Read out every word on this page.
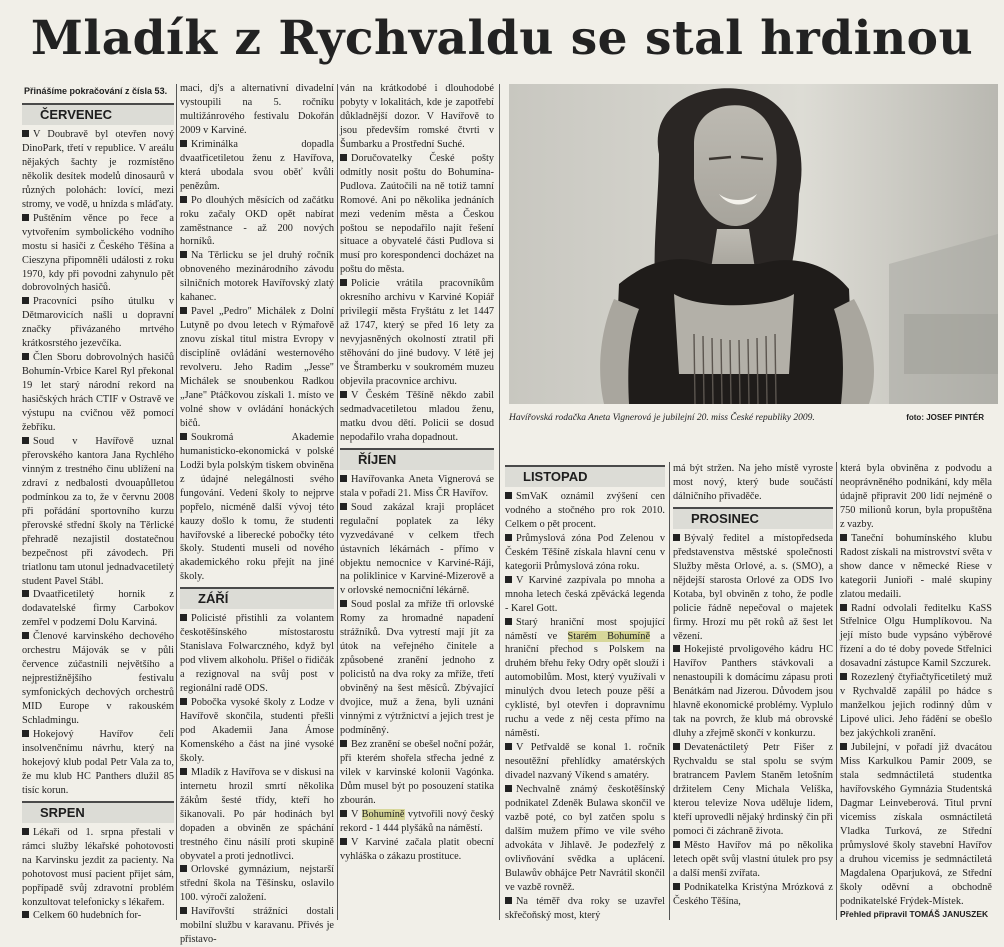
Mladík z Rychvaldu se stal hrdinou
Přinášíme pokračování z čísla 53.
ČERVENEC

V Doubravě byl otevřen nový DinoPark, třetí v republice. V areálu nějakých šachty je rozmístěno několik desítek modelů dinosaurů v různých polohách: lovící, mezi stromy, ve vodě, u hnízda s mláďaty.

Puštěním věnce po řece a vytvořením symbolického vodního mostu si hasiči z Českého Těšína a Cieszyna připomněli události z roku 1970, kdy při povodni zahynulo pět dobrovolných hasičů.

Pracovníci psího útulku v Dětmarovicích našli u dopravní značky přivázaného mrtvého krátkosrstého jezevčíka.

Člen Sboru dobrovolných hasičů Bohumín-Vrbice Karel Ryl překonal 19 let starý národní rekord na hasičských hrách CTIF v Ostravě ve výstupu na cvičnou věž pomocí žebříku.

Soud v Havířově uznal přerovského kantora Jana Rychlého vinným z trestného činu ublížení na zdraví z nedbalosti dvouapůlletou podmínkou za to, že v červnu 2008 při pořádání sportovního kurzu přerovské střední školy na Těrlické přehradě nezajistil dostatečnou bezpečnost při závodech. Při triatlonu tam utonul jednadvacetiletý student Pavel Stábl.

Dvaatřicetiletý hornik z dodavatelské firmy Carbokov zemřel v podzemí Dolu Karviná.

Členové karvinského dechového orchestru Májovák se v půli července zúčastnili největšího a nejprestižnějšího festivalu symfonických dechových orchestrů MID Europe v rakouském Schladmingu.

Hokejový Havířov čelí insolvenčnímu návrhu, který na hokejový klub podal Petr Vala za to, že mu klub HC Panthers dlužil 85 tisíc korun.

SRPEN

Lékaři od 1. srpna přestali v rámci služby lékařské pohotovosti na Karvinsku jezdit za pacienty. Na pohotovost musí pacient přijet sám, popřípadě svůj zdravotní problém konzultovat telefonicky s lékařem.

Celkem 60 hudebních for-

maci, dj's a alternativní divadelní vystoupili na 5. ročníku multižánrového festivalu Dokořán 2009 v Karviné.

Kriminálka dopadla dvaatřicetiletou ženu z Havířova, která ubodala svou oběť kvůli penězům.

Po dlouhých měsících od začátku roku začaly OKD opět nabírat zaměstnance - až 200 nových horníků.

Na Těrlicku se jel druhý ročník obnoveného mezinárodního závodu silničních motorek Havířovský zlatý kahanec.

Pavel „Pedro" Michálek z Dolní Lutyně po dvou letech v Rýmařově znovu získal titul mistra Evropy v disciplíně ovládání westernového revolveru. Jeho Radim „Jesse" Michálek se snoubenkou Radkou „Jane" Ptáčkovou získali 1. místo ve volné show v ovládání honáckých bičů.

Soukromá Akademie humanisticko-ekonomická v polské Lodži byla polským tiskem obviněna z údajné nelegálnosti svého fungování. Vedení školy to nejprve popřelo, nicméně další vývoj této kauzy došlo k tomu, že studenti havířovské a liberecké pobočky této školy. Studenti museli od nového akademického roku přejít na jiné školy.

ZÁŘÍ

Policisté přistihli za volantem českotěšínského místostarostu Stanislava Folwarczného, když byl pod vlivem alkoholu. Přišel o řidičák a rezignoval na svůj post v regionální radě ODS.

Pobočka vysoké školy z Lodze v Havířově skončila, studenti přešli pod Akademii Jana Ámose Komenského a část na jiné vysoké školy.

Mladík z Havířova se v diskusi na internetu hrozil smrtí několika žákům šesté třídy, kteří ho šikanovali. Po pár hodinách byl dopaden a obviněn ze spáchání trestného činu násilí proti skupině obyvatel a proti jednotlivci.

Orlovské gymnázium, nejstarší střední škola na Těšínsku, oslavilo 100. výročí založení.

Havířovští strážníci dostali mobilní službu v karavanu. Přivés je přistavo-

ván na krátkodobé i dlouhodobé pobyty v lokalitách, kde je zapotřebí důkladnější dozor. V Havířově to jsou především romské čtvrti v Šumbarku a Prostřední Suché.

Doručovatelky České pošty odmítly nosit poštu do Bohumína-Pudlova. Zaútočili na ně totiž tamní Romové. Ani po několika jednáních mezi vedením města a Českou poštou se nepodařilo najít řešení situace a obyvatelé části Pudlova si musí pro korespondenci docházet na poštu do města.

Policie vrátila pracovníkům okresního archivu v Karviné Kopiář privilegií města Fryštátu z let 1447 až 1747, který se před 16 lety za nevyjasněných okolností ztratil při stěhování do jiné budovy. V létě jej ve Štramberku v soukromém muzeu objevila pracovnice archivu.

V Českém Těšíně někdo zabil sedmadvacetiletou mladou ženu, matku dvou dětí. Policii se dosud nepodařilo vraha dopadnout.

ŘÍJEN

Havířovanka Aneta Vignerová se stala v pořadí 21. Miss ČR Havířov.

Soud zakázal kraji proplácet regulační poplatek za léky vyzvedávané v celkem třech ústavních lékárnách - přímo v objektu nemocnice v Karviné-Ráji, na poliklinice v Karviné-Mizerově a v orlovské nemocniční lékárně.

Soud poslal za mříže tři orlovské Romy za hromadné napadení strážníků. Dva vytrestí mají jít za útok na veřejného činitele a způsobené zranění jednoho z policistů na dva roky za mříže, třetí obviněný na šest měsíců. Zbývající dvojice, muž a žena, byli uznáni vinnými z výtržnictví a jejich trest je podmíněný.

Bez zranění se obešel noční požár, při kterém shořela střecha jedné z vilek v karvinské kolonii Vagónka. Dům musel být po posouzení statika zbourán.

V Bohumíně vytvořili nový český rekord - 1 444 plyšáků na náměstí.

V Karviné začala platit obecní vyhláška o zákazu prostituce.

Havířovská rodačka Aneta Vignerová je jubilejní 20. miss České republiky 2009.	foto: JOSEF PINTÉR
LISTOPAD

SmVaK oznámil zvýšení cen vodného a stočného pro rok 2010. Celkem o pět procent.

Průmyslová zóna Pod Zelenou v Českém Těšíně získala hlavní cenu v kategorii Průmyslová zóna roku.

V Karviné zazpívala po mnoha a mnoha letech česká zpěvácká legenda - Karel Gott.

Starý hraniční most spojující náměstí ve Starém Bohumíně a hraniční přechod s Polskem na druhém břehu řeky Odry opět slouží i automobilům. Most, který využívali v minulých dvou letech pouze pěší a cyklisté, byl otevřen i dopravnímu ruchu a vede z něj cesta přímo na náměstí.

V Petřvaldě se konal 1. ročník nesoutěžní přehlídky amatérských divadel nazvaný Víkend s amatéry.

Nechvalně známý českotěšínský podnikatel Zdeněk Bulawa skončil ve vazbě poté, co byl zatčen spolu s dalším mužem přímo ve vile svého advokáta v Jihlavě. Je podezřelý z ovlivňování svědka a uplácení. Bulawův obhájce Petr Navrátil skončil ve vazbě rovněž.

Na téměř dva roky se uzavřel skřečoňský most, který

má být stržen. Na jeho místě vyroste most nový, který bude součástí dálničního přivaděče.

PROSINEC

Bývalý ředitel a místopředseda představenstva městské společnosti Služby města Orlové, a. s. (SMO), a nějdejší starosta Orlové za ODS Ivo Kotaba, byl obviněn z toho, že podle policie řádně nepečoval o majetek firmy. Hrozí mu pět roků až šest let vězení.

Hokejisté prvoligového kádru HC Havířov Panthers stávkovali a nenastoupili k domácímu zápasu proti Benátkám nad Jizerou. Důvodem jsou hlavně ekonomické problémy. Vyplulo tak na povrch, že klub má obrovské dluhy a zřejmě skončí v konkurzu.

Devatenáctiletý Petr Fišer z Rychvaldu se stal spolu se svým bratrancem Pavlem Staněm letošním držitelem Ceny Michala Velíška, kterou televize Nova uděluje lidem, kteří uprovedli nějaký hrdinský čin při pomoci či záchraně života.

Město Havířov má po několika letech opět svůj vlastní útulek pro psy a další menší zvířata.

Podnikatelka Kristýna Mrózková z Českého Těšína,

která byla obviněna z podvodu a neoprávněného podnikání, kdy měla údajně připravit 200 lidí nejméně o 750 milionů korun, byla propuštěna z vazby.

Taneční bohumínského klubu Radost získali na mistrovství světa v show dance v německé Riese v kategorii Junioři - malé skupiny zlatou medaili.

Radní odvolali ředitelku KaSS Střelnice Olgu Humplíkovou. Na její místo bude vypsáno výběrové řízení a do té doby povede Střelnici dosavadní zástupce Kamil Szczurek.

Rozezlený čtyřiačtyřicetiletý muž v Rychvaldě zapálil po hádce s manželkou jejich rodinný dům v Lipové ulici. Jeho řádění se obešlo bez jakýchkoli zranění.

Jubilejní, v pořadí již dvacátou Miss Karkulkou Pamir 2009, se stala sedmnáctiletá studentka havířovského Gymnázia Studentská Dagmar Leinveberová. Titul první vicemiss získala osmnáctiletá Vladka Turková, ze Střední průmyslové školy stavební Havířov a druhou vicemiss je sedmnáctiletá Magdalena Oparjuková, ze Střední školy oděvní a obchodně podnikatelské Frýdek-Místek.

Přehled připravil TOMÁŠ JANUSZEK
